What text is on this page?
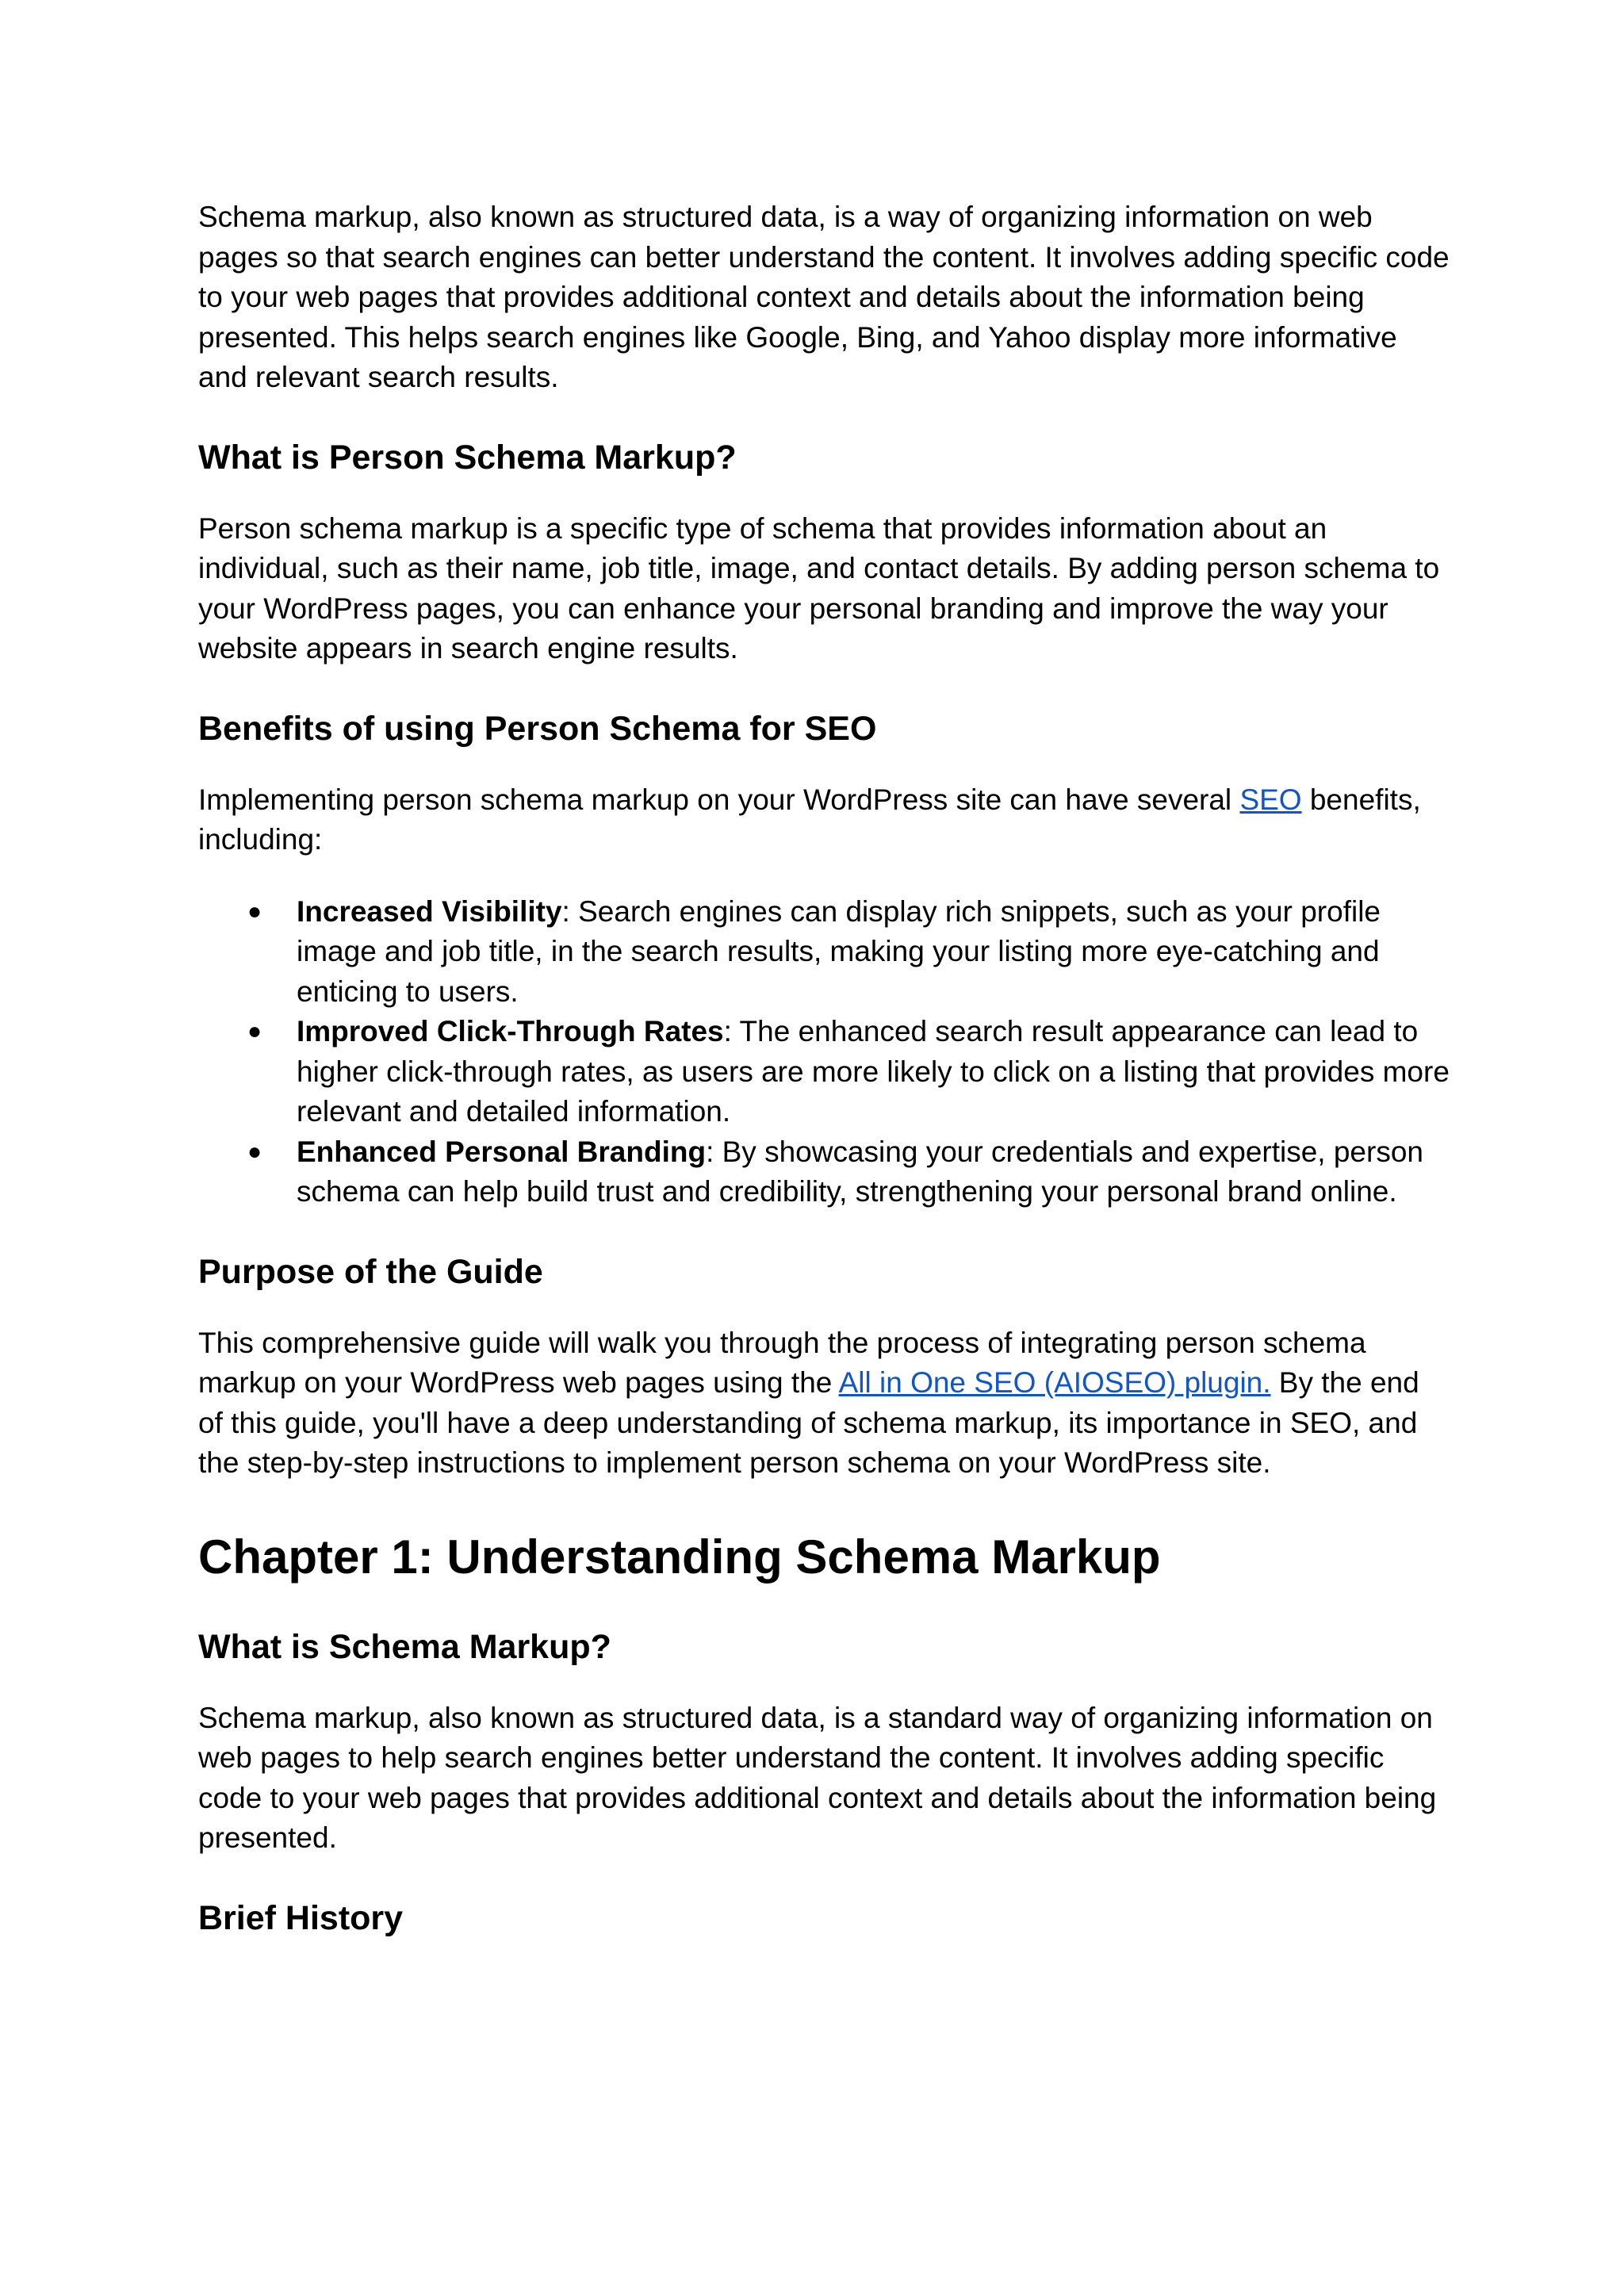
Schema markup, also known as structured data, is a way of organizing information on web pages so that search engines can better understand the content. It involves adding specific code to your web pages that provides additional context and details about the information being presented. This helps search engines like Google, Bing, and Yahoo display more informative and relevant search results.

What is Person Schema Markup?

Person schema markup is a specific type of schema that provides information about an individual, such as their name, job title, image, and contact details. By adding person schema to your WordPress pages, you can enhance your personal branding and improve the way your website appears in search engine results.

Benefits of using Person Schema for SEO

Implementing person schema markup on your WordPress site can have several SEO benefits, including:

● Increased Visibility: Search engines can display rich snippets, such as your profile image and job title, in the search results, making your listing more eye-catching and enticing to users.
● Improved Click-Through Rates: The enhanced search result appearance can lead to higher click-through rates, as users are more likely to click on a listing that provides more relevant and detailed information.
● Enhanced Personal Branding: By showcasing your credentials and expertise, person schema can help build trust and credibility, strengthening your personal brand online.
Purpose of the Guide

This comprehensive guide will walk you through the process of integrating person schema markup on your WordPress web pages using the All in One SEO (AIOSEO) plugin. By the end of this guide, you'll have a deep understanding of schema markup, its importance in SEO, and the step-by-step instructions to implement person schema on your WordPress site.

Chapter 1: Understanding Schema Markup
What is Schema Markup?

Schema markup, also known as structured data, is a standard way of organizing information on web pages to help search engines better understand the content. It involves adding specific code to your web pages that provides additional context and details about the information being presented.

Brief History
